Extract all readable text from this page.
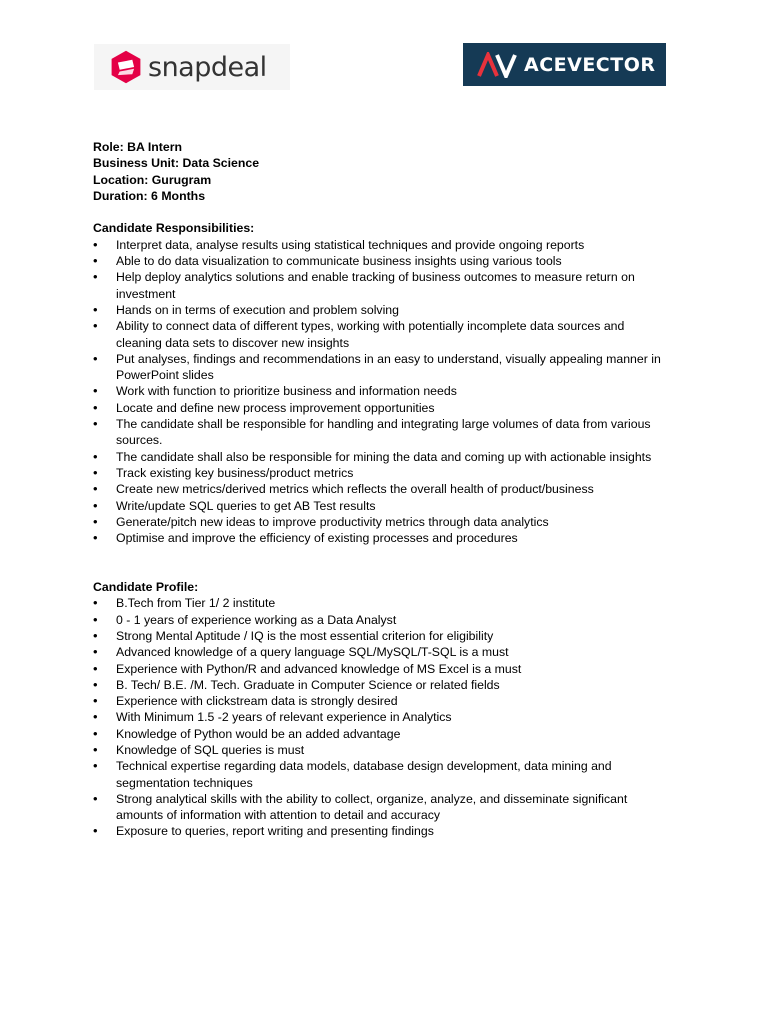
snapdeal	ACEVECTOR

Role: BA Intern

Business Unit: Data Science

Location: Gurugram

Duration: 6 Months

Candidate Responsibilities:

• Interpret data, analyse results using statistical techniques and provide ongoing reports
• Able to do data visualization to communicate business insights using various tools
• Help deploy analytics solutions and enable tracking of business outcomes to measure return on investment
• Hands on in terms of execution and problem solving
• Ability to connect data of different types, working with potentially incomplete data sources and cleaning data sets to discover new insights
• Put analyses, findings and recommendations in an easy to understand, visually appealing manner in PowerPoint slides
• Work with function to prioritize business and information needs
• Locate and define new process improvement opportunities
• The candidate shall be responsible for handling and integrating large volumes of data from various sources.
• The candidate shall also be responsible for mining the data and coming up with actionable insights
• Track existing key business/product metrics
• Create new metrics/derived metrics which reflects the overall health of product/business
• Write/update SQL queries to get AB Test results
• Generate/pitch new ideas to improve productivity metrics through data analytics
• Optimise and improve the efficiency of existing processes and procedures

Candidate Profile:

• B.Tech from Tier 1/ 2 institute
• 0 - 1 years of experience working as a Data Analyst
• Strong Mental Aptitude / IQ is the most essential criterion for eligibility
• Advanced knowledge of a query language SQL/MySQL/T-SQL is a must
• Experience with Python/R and advanced knowledge of MS Excel is a must
• B. Tech/ B.E. /M. Tech. Graduate in Computer Science or related fields
• Experience with clickstream data is strongly desired
• With Minimum 1.5 -2 years of relevant experience in Analytics
• Knowledge of Python would be an added advantage
• Knowledge of SQL queries is must
• Technical expertise regarding data models, database design development, data mining and segmentation techniques
• Strong analytical skills with the ability to collect, organize, analyze, and disseminate significant amounts of information with attention to detail and accuracy
• Exposure to queries, report writing and presenting findings
